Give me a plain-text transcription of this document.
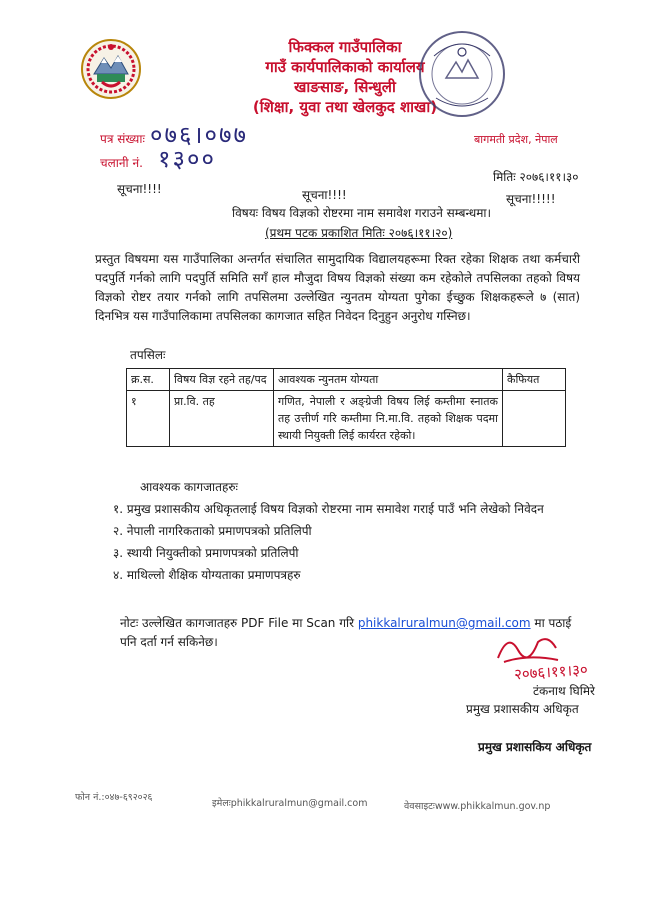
फिक्कल गाउँपालिका
गाउँ कार्यपालिकाको कार्यालय
खाङसाङ, सिन्धुली
(शिक्षा, युवा तथा खेलकुद शाखा)
बागमती प्रदेश, नेपाल
पत्र संख्याः ०७६।०७७
चलानी नं. १३००
मितिः २०७६।११।३०
सूचना!!!!	सूचना!!!!	सूचना!!!!!
विषयः विषय विज्ञको रोष्टरमा नाम समावेश गराउने सम्बन्धमा।
(प्रथम पटक प्रकाशित मितिः २०७६।११।२०)
प्रस्तुत विषयमा यस गाउँपालिका अन्तर्गत संचालित सामुदायिक विद्यालयहरूमा रिक्त रहेका शिक्षक तथा कर्मचारी पदपुर्ति गर्नको लागि पदपुर्ति समिति सगँ हाल मौजुदा विषय विज्ञको संख्या कम रहेकोले तपसिलका तहको विषय विज्ञको रोष्टर तयार गर्नको लागि तपसिलमा उल्लेखित न्युनतम योग्यता पुगेका ईच्छुक शिक्षकहरूले ७ (सात) दिनभित्र यस गाउँपालिकामा तपसिलका कागजात सहित निवेदन दिनुहुन अनुरोध गस्निछ।
तपसिलः
क्र.स.	विषय विज्ञ रहने तह/पद	आवश्यक न्युनतम योग्यता	कैफियत
१	प्रा.वि. तह	गणित, नेपाली र अङ्ग्रेजी विषय लिई कम्तीमा स्नातक तह उत्तीर्ण गरि कम्तीमा नि.मा.वि. तहको शिक्षक पदमा स्थायी नियुक्ती लिई कार्यरत रहेको।	
आवश्यक कागजातहरुः
१. प्रमुख प्रशासकीय अधिकृतलाई विषय विज्ञको रोष्टरमा नाम समावेश गराई पाउँ भनि लेखेको निवेदन
२. नेपाली नागरिकताको प्रमाणपत्रको प्रतिलिपी
३. स्थायी नियुक्तीको प्रमाणपत्रको प्रतिलिपी
४. माथिल्लो शैक्षिक योग्यताका प्रमाणपत्रहरु
नोटः उल्लेखित कागजातहरु PDF File मा Scan गरि phikkalruralmun@gmail.com मा पठाई पनि दर्ता गर्न सकिनेछ।
२०७६।११।३०
टंकनाथ घिमिरे
प्रमुख प्रशासकीय अधिकृत
प्रमुख प्रशासकिय अधिकृत
फोन नं.:०४७-६९२०२६
इमेलःphikkalruralmun@gmail.com	वेवसाइटःwww.phikkalmun.gov.np
